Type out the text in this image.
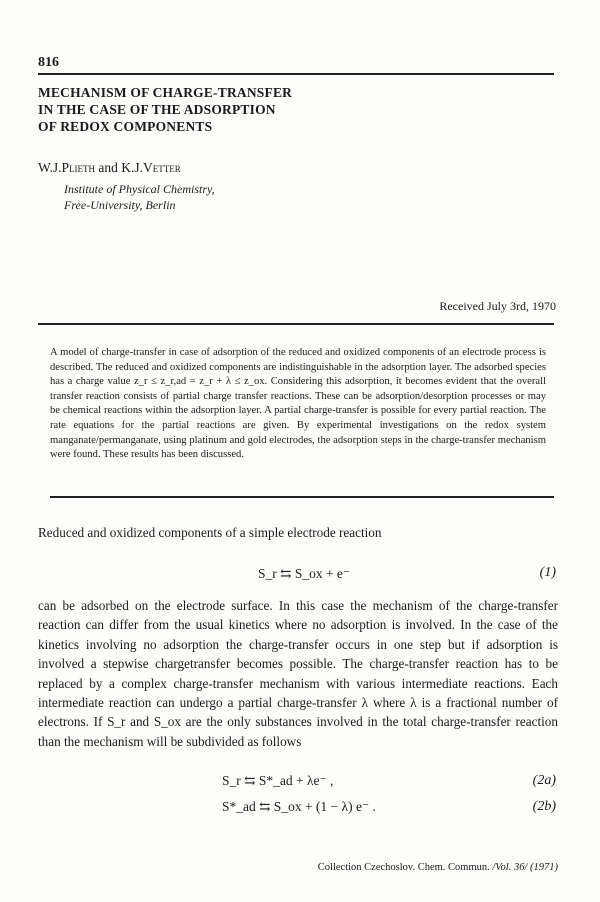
816
MECHANISM OF CHARGE-TRANSFER
IN THE CASE OF THE ADSORPTION
OF REDOX COMPONENTS
W.J.Plieth and K.J.Vetter
Institute of Physical Chemistry,
Free-University, Berlin
Received July 3rd, 1970
A model of charge-transfer in case of adsorption of the reduced and oxidized components of an electrode process is described. The reduced and oxidized components are indistinguishable in the adsorption layer. The adsorbed species has a charge value z_r ≤ z_r,ad = z_r + λ ≤ z_ox. Considering this adsorption, it becomes evident that the overall transfer reaction consists of partial charge transfer reactions. These can be adsorption/desorption processes or may be chemical reactions within the adsorption layer. A partial charge-transfer is possible for every partial reaction. The rate equations for the partial reactions are given. By experimental investigations on the redox system manganate/permanganate, using platinum and gold electrodes, the adsorption steps in the charge-transfer mechanism were found. These results has been discussed.
Reduced and oxidized components of a simple electrode reaction
S_r ⇆ S_ox + e⁻	(1)
can be adsorbed on the electrode surface. In this case the mechanism of the charge-transfer reaction can differ from the usual kinetics where no adsorption is involved. In the case of the kinetics involving no adsorption the charge-transfer occurs in one step but if adsorption is involved a stepwise chargetransfer becomes possible. The charge-transfer reaction has to be replaced by a complex charge-transfer mechanism with various intermediate reactions. Each intermediate reaction can undergo a partial charge-transfer λ where λ is a fractional number of electrons. If S_r and S_ox are the only substances involved in the total charge-transfer reaction than the mechanism will be subdivided as follows
S_r ⇆ S*_ad + λe⁻ ,	(2a)
S*_ad ⇆ S_ox + (1 − λ) e⁻ .	(2b)
Collection Czechoslov. Chem. Commun. /Vol. 36/ (1971)
